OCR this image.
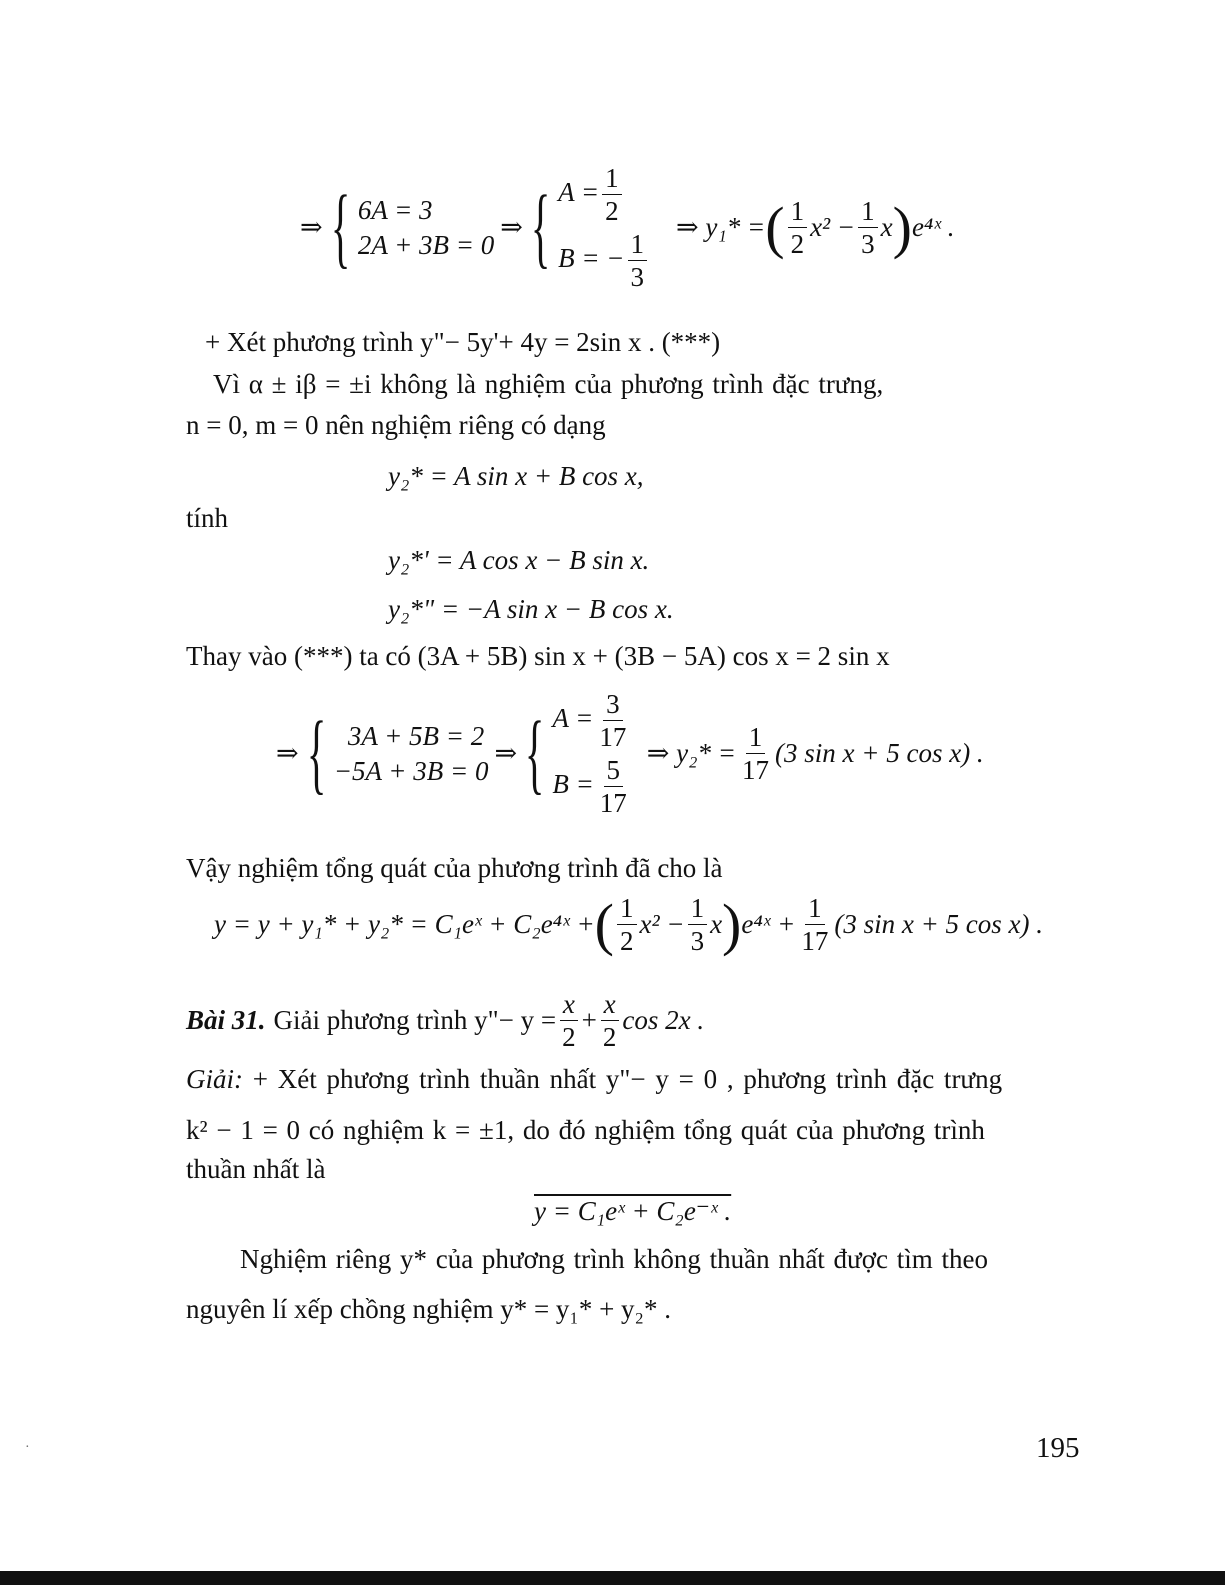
⇒ { 6A = 3
2A + 3B = 0
⇒ { $A = \frac{1}{2}$
B = − $\frac{1}{3}$
⇒ y₁* = ( $\frac{1}{2} x^2 - \frac{1}{3}$ x ) e⁴ˣ .
+ Xét phương trình y"− 5y'+ 4y = 2sin x . (***)
Vì α ± iβ = ±i không là nghiệm của phương trình đặc trưng,
n = 0, m = 0 nên nghiệm riêng có dạng
y₂* = A sin x + B cos x,
tính
y₂*' = A cos x − B sin x.
y₂*" = −A sin x − B cos x.
Thay vào (***) ta có (3A + 5B) sin x + (3B − 5A) cos x = 2 sin x
⇒ { 3A + 5B = 2
−5A + 3B = 0
⇒ { $A = \frac{3}{17}$
$B = \frac{5}{17}$
⇒ $y_2* = \frac{1}{17} (3$ sin x + 5 cos x) .
Vậy nghiệm tổng quát của phương trình đã cho là
y = y + y₁* + y₂* = C₁eˣ + C₂e⁴ˣ + ( $\frac{1}{2} x^2 - \frac{1}{3}$ x ) e⁴ˣ + $\frac{1}{17} (3$ sin x + 5 cos x) .
Bài 31. Giải phương trình y"− $y = \frac{x}{2} + \frac{x}{2}$ cos 2x .
Giải: + Xét phương trình thuần nhất y"− y = 0 , phương trình đặc trưng
k² − 1 = 0 có nghiệm k = ±1, do đó nghiệm tổng quát của phương trình
thuần nhất là
y = C₁eˣ + C₂e⁻ˣ .
Nghiệm riêng y* của phương trình không thuần nhất được tìm theo
nguyên lí xếp chồng nghiệm y* = y₁* + y₂* .
195
·
